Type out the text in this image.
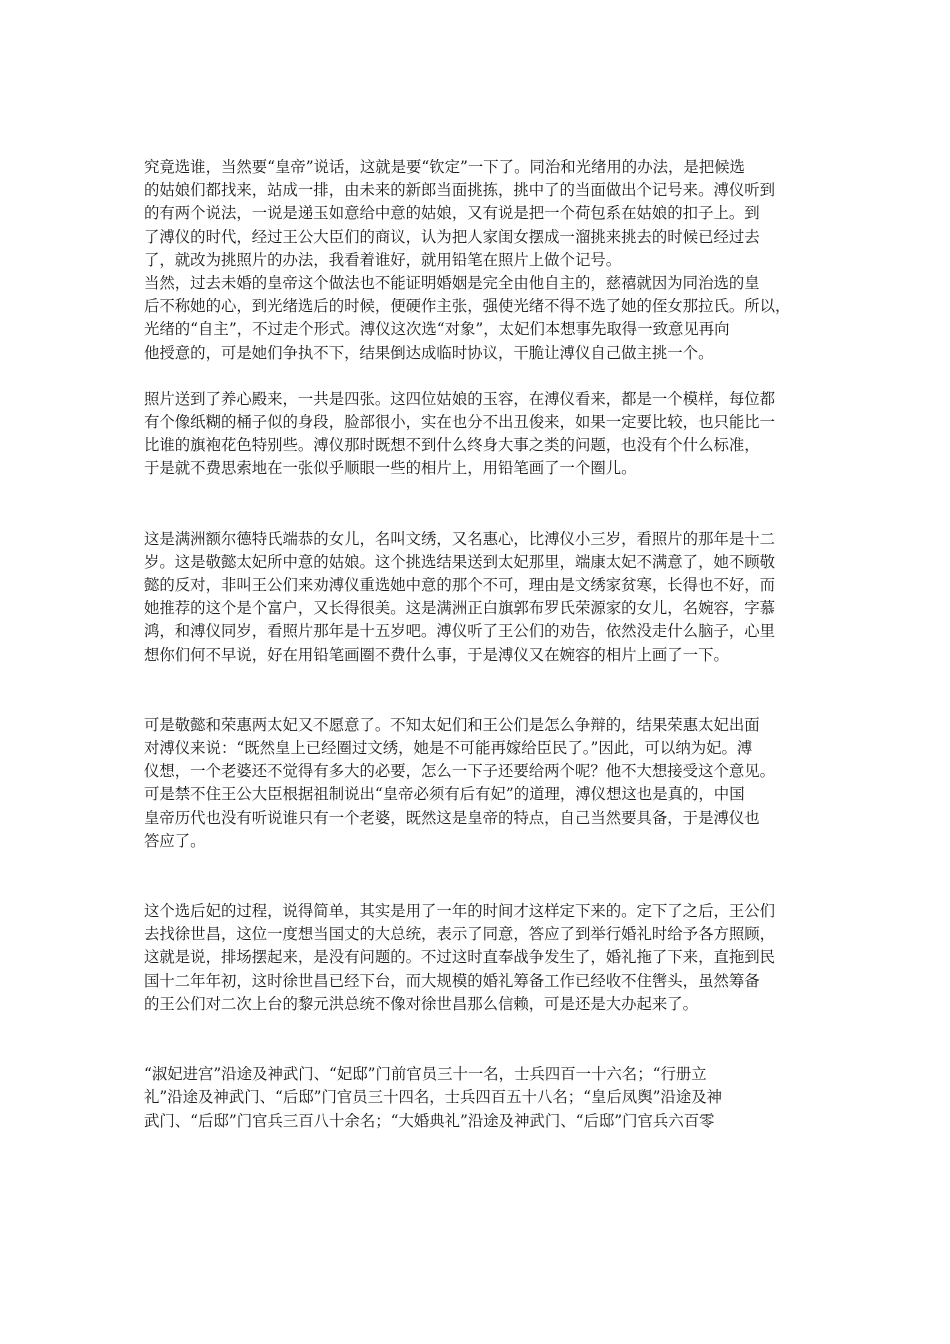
究竟选谁，当然要“皇帝”说话，这就是要“钦定”一下了。同治和光绪用的办法，是把候选
的姑娘们都找来，站成一排，由未来的新郎当面挑拣，挑中了的当面做出个记号来。溥仪听到
的有两个说法，一说是递玉如意给中意的姑娘，又有说是把一个荷包系在姑娘的扣子上。到
了溥仪的时代，经过王公大臣们的商议，认为把人家闺女摆成一溜挑来挑去的时候已经过去
了，就改为挑照片的办法，我看着谁好，就用铅笔在照片上做个记号。
当然，过去未婚的皇帝这个做法也不能证明婚姻是完全由他自主的，慈禧就因为同治选的皇
后不称她的心，到光绪选后的时候，便硬作主张，强使光绪不得不选了她的侄女那拉氏。所以，
光绪的“自主”，不过走个形式。溥仪这次选“对象”，太妃们本想事先取得一致意见再向
他授意的，可是她们争执不下，结果倒达成临时协议，干脆让溥仪自己做主挑一个。
照片送到了养心殿来，一共是四张。这四位姑娘的玉容，在溥仪看来，都是一个模样，每位都
有个像纸糊的桶子似的身段，脸部很小，实在也分不出丑俊来，如果一定要比较，也只能比一
比谁的旗袍花色特别些。溥仪那时既想不到什么终身大事之类的问题，也没有个什么标准，
于是就不费思索地在一张似乎顺眼一些的相片上，用铅笔画了一个圈儿。
这是满洲额尔德特氏端恭的女儿，名叫文绣，又名惠心，比溥仪小三岁，看照片的那年是十二
岁。这是敬懿太妃所中意的姑娘。这个挑选结果送到太妃那里，端康太妃不满意了，她不顾敬
懿的反对，非叫王公们来劝溥仪重选她中意的那个不可，理由是文绣家贫寒，长得也不好，而
她推荐的这个是个富户，又长得很美。这是满洲正白旗郭布罗氏荣源家的女儿，名婉容，字慕
鸿，和溥仪同岁，看照片那年是十五岁吧。溥仪听了王公们的劝告，依然没走什么脑子，心里
想你们何不早说，好在用铅笔画圈不费什么事，于是溥仪又在婉容的相片上画了一下。
可是敬懿和荣惠两太妃又不愿意了。不知太妃们和王公们是怎么争辩的，结果荣惠太妃出面
对溥仪来说：“既然皇上已经圈过文绣，她是不可能再嫁给臣民了。”因此，可以纳为妃。溥
仪想，一个老婆还不觉得有多大的必要，怎么一下子还要给两个呢？他不大想接受这个意见。
可是禁不住王公大臣根据祖制说出“皇帝必须有后有妃”的道理，溥仪想这也是真的，中国
皇帝历代也没有听说谁只有一个老婆，既然这是皇帝的特点，自己当然要具备，于是溥仪也
答应了。
这个选后妃的过程，说得简单，其实是用了一年的时间才这样定下来的。定下了之后，王公们
去找徐世昌，这位一度想当国丈的大总统，表示了同意，答应了到举行婚礼时给予各方照顾，
这就是说，排场摆起来，是没有问题的。不过这时直奉战争发生了，婚礼拖了下来，直拖到民
国十二年年初，这时徐世昌已经下台，而大规模的婚礼筹备工作已经收不住辔头，虽然筹备
的王公们对二次上台的黎元洪总统不像对徐世昌那么信赖，可是还是大办起来了。
“淑妃进宫”沿途及神武门、“妃邸”门前官员三十一名，士兵四百一十六名；“行册立
礼”沿途及神武门、“后邸”门官员三十四名，士兵四百五十八名；“皇后凤舆”沿途及神
武门、“后邸”门官兵三百八十余名；“大婚典礼”沿途及神武门、“后邸”门官兵六百零
